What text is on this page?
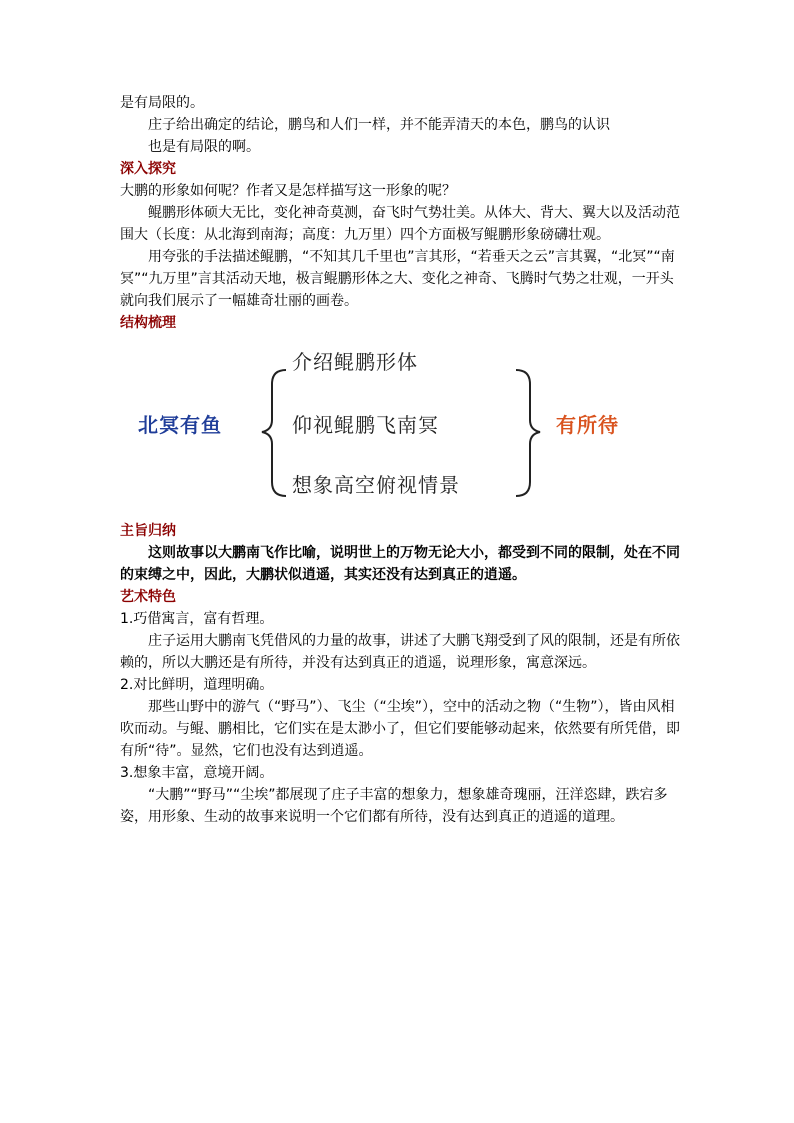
是有局限的。

庄子给出确定的结论，鹏鸟和人们一样，并不能弄清天的本色，鹏鸟的认识

也是有局限的啊。

深入探究

大鹏的形象如何呢？作者又是怎样描写这一形象的呢？

鲲鹏形体硕大无比，变化神奇莫测，奋飞时气势壮美。从体大、背大、翼大以及活动范围大（长度：从北海到南海；高度：九万里）四个方面极写鲲鹏形象磅礴壮观。

用夸张的手法描述鲲鹏，“不知其几千里也”言其形，“若垂天之云”言其翼，“北冥”“南冥”“九万里”言其活动天地，极言鲲鹏形体之大、变化之神奇、飞腾时气势之壮观，一开头就向我们展示了一幅雄奇壮丽的画卷。

结构梳理

北冥有鱼
介绍鲲鹏形体
仰视鲲鹏飞南冥
想象高空俯视情景
有所待

主旨归纳

这则故事以大鹏南飞作比喻，说明世上的万物无论大小，都受到不同的限制，处在不同的束缚之中，因此，大鹏状似逍遥，其实还没有达到真正的逍遥。

艺术特色

1.巧借寓言，富有哲理。

庄子运用大鹏南飞凭借风的力量的故事，讲述了大鹏飞翔受到了风的限制，还是有所依赖的，所以大鹏还是有所待，并没有达到真正的逍遥，说理形象，寓意深远。

2.对比鲜明，道理明确。

那些山野中的游气（“野马”）、飞尘（“尘埃”），空中的活动之物（“生物”），皆由风相吹而动。与鲲、鹏相比，它们实在是太渺小了，但它们要能够动起来，依然要有所凭借，即有所“待”。显然，它们也没有达到逍遥。

3.想象丰富，意境开阔。

“大鹏”“野马”“尘埃”都展现了庄子丰富的想象力，想象雄奇瑰丽，汪洋恣肆，跌宕多姿，用形象、生动的故事来说明一个它们都有所待，没有达到真正的逍遥的道理。
